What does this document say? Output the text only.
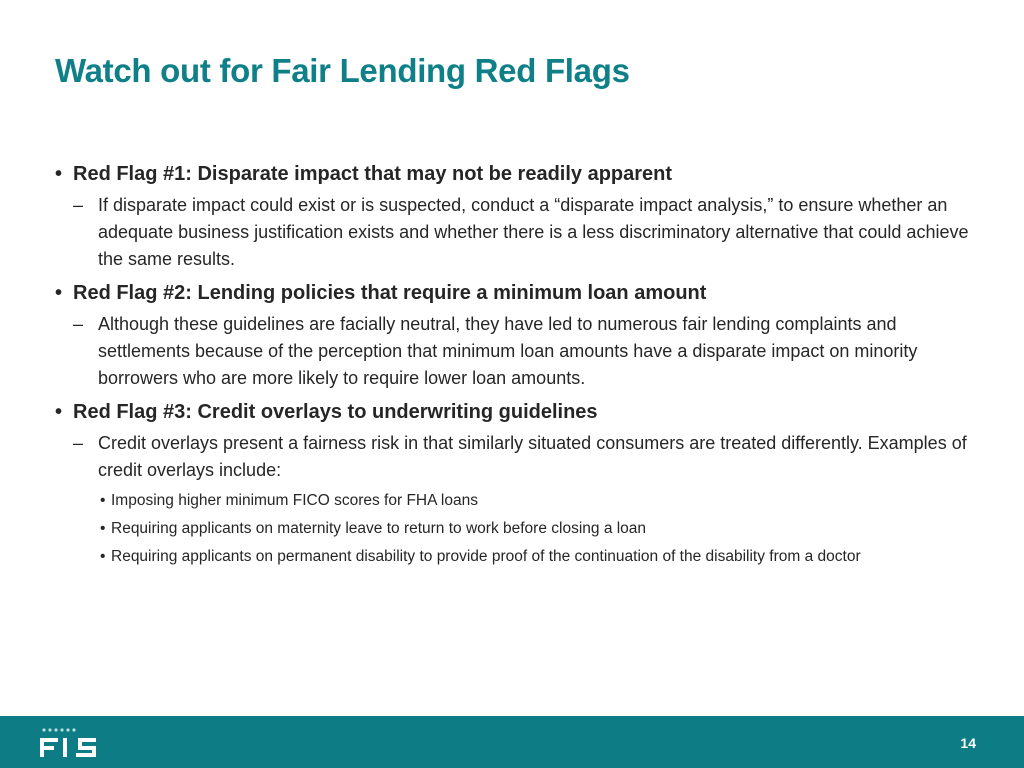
Watch out for Fair Lending Red Flags
• Red Flag #1: Disparate impact that may not be readily apparent
– If disparate impact could exist or is suspected, conduct a “disparate impact analysis,” to ensure whether an adequate business justification exists and whether there is a less discriminatory alternative that could achieve the same results.
• Red Flag #2: Lending policies that require a minimum loan amount
– Although these guidelines are facially neutral, they have led to numerous fair lending complaints and settlements because of the perception that minimum loan amounts have a disparate impact on minority borrowers who are more likely to require lower loan amounts.
• Red Flag #3: Credit overlays to underwriting guidelines
– Credit overlays present a fairness risk in that similarly situated consumers are treated differently. Examples of credit overlays include:
• Imposing higher minimum FICO scores for FHA loans
• Requiring applicants on maternity leave to return to work before closing a loan
• Requiring applicants on permanent disability to provide proof of the continuation of the disability from a doctor
14
